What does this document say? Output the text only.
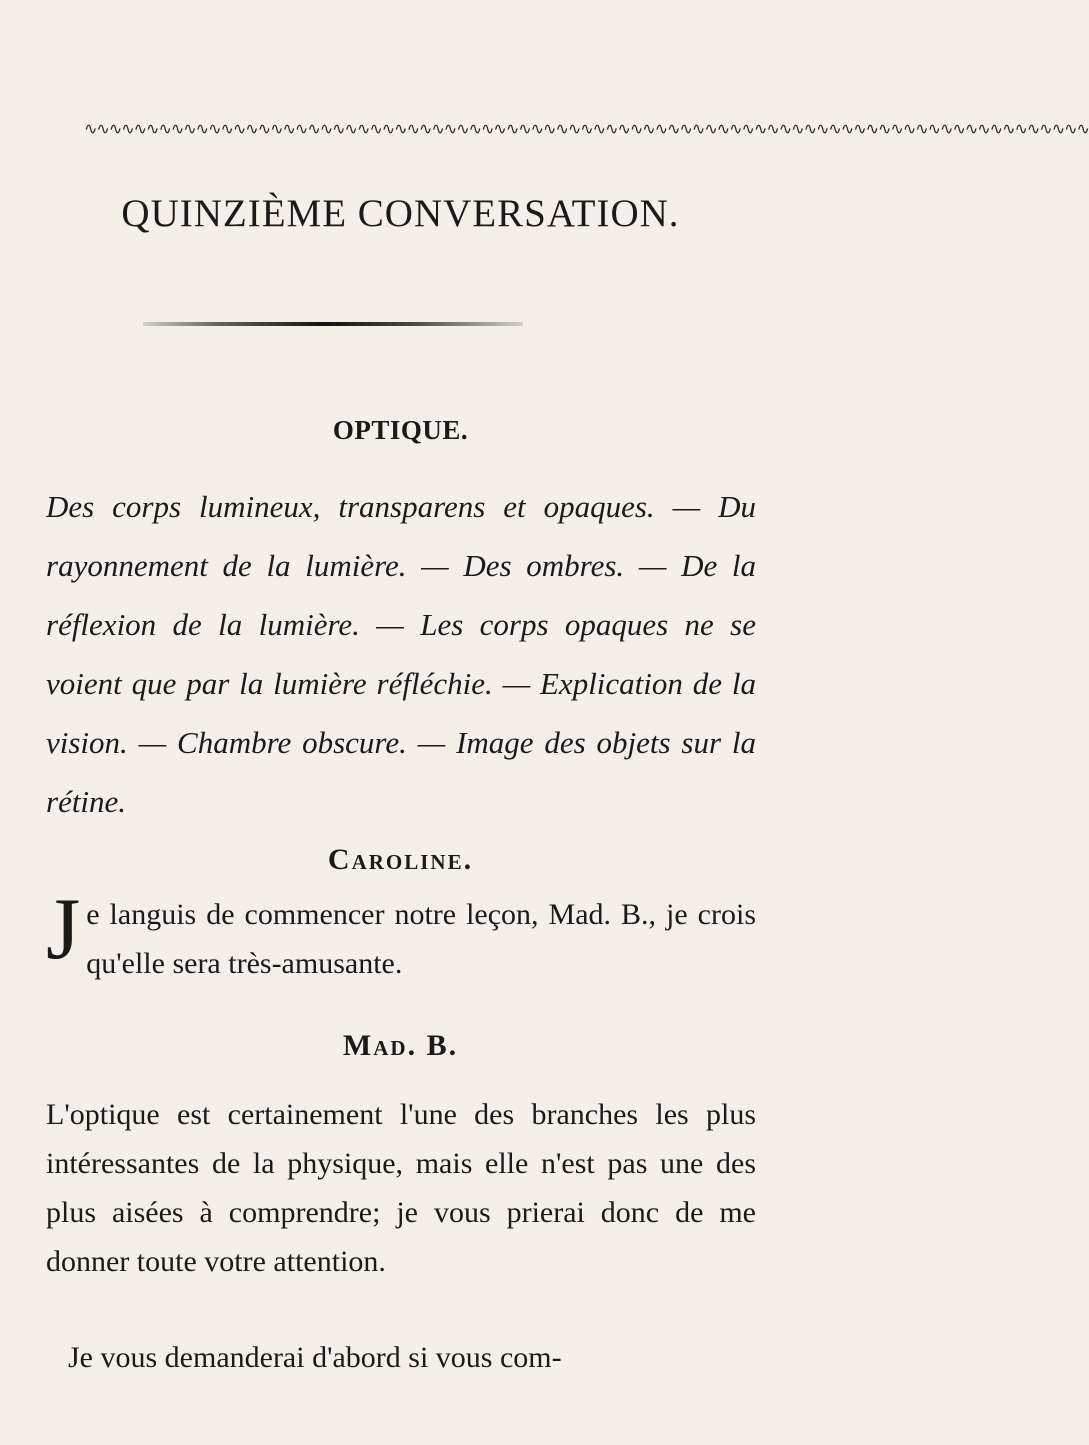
∿∿∿∿∿∿∿∿∿∿∿∿∿∿∿∿∿∿∿∿∿∿∿∿∿∿∿∿∿∿∿∿∿∿∿∿∿∿∿∿∿∿∿∿∿∿∿∿∿∿∿∿∿∿∿∿∿∿∿∿∿∿∿∿∿∿∿∿∿∿∿∿∿∿∿∿∿∿∿∿∿
QUINZIÈME CONVERSATION.
OPTIQUE.

Des corps lumineux, transparens et opaques. — Du rayonnement de la lumière. — Des ombres. — De la réflexion de la lumière. — Les corps opaques ne se voient que par la lumière réfléchie. — Explication de la vision. — Chambre obscure. — Image des objets sur la rétine.

Caroline.

J e languis de commencer notre leçon, Mad. B., je crois qu'elle sera très-amusante.

Mad. B.

L'optique est certainement l'une des branches les plus intéressantes de la physique, mais elle n'est pas une des plus aisées à comprendre; je vous prierai donc de me donner toute votre attention.

Je vous demanderai d'abord si vous com-
